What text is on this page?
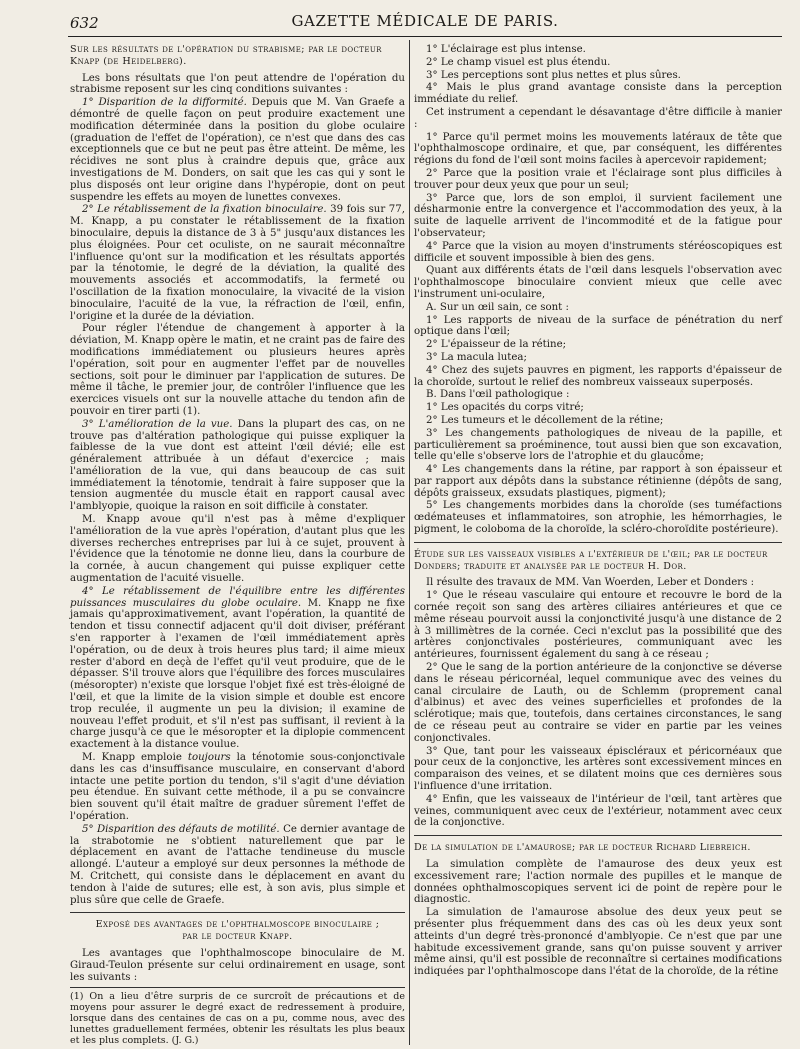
632	GAZETTE MÉDICALE DE PARIS.

Sur les résultats de l'opération du strabisme; par le docteur Knapp (de Heidelberg).

Les bons résultats que l'on peut attendre de l'opération du strabisme reposent sur les cinq conditions suivantes :

1° Disparition de la difformité. Depuis que M. Van Graefe a démontré de quelle façon on peut produire exactement une modification déterminée dans la position du globe oculaire (graduation de l'effet de l'opération), ce n'est que dans des cas exceptionnels que ce but ne peut pas être atteint. De même, les récidives ne sont plus à craindre depuis que, grâce aux investigations de M. Donders, on sait que les cas qui y sont le plus disposés ont leur origine dans l'hypéropie, dont on peut suspendre les effets au moyen de lunettes convexes.

2° Le rétablissement de la fixation binoculaire. 39 fois sur 77, M. Knapp, a pu constater le rétablissement de la fixation binoculaire, depuis la distance de 3 à 5" jusqu'aux distances les plus éloignées. Pour cet oculiste, on ne saurait méconnaître l'influence qu'ont sur la modification et les résultats apportés par la ténotomie, le degré de la déviation, la qualité des mouvements associés et accommodatifs, la fermeté ou l'oscillation de la fixation monoculaire, la vivacité de la vision binoculaire, l'acuité de la vue, la réfraction de l'œil, enfin, l'origine et la durée de la déviation.

Pour régler l'étendue de changement à apporter à la déviation, M. Knapp opère le matin, et ne craint pas de faire des modifications immédiatement ou plusieurs heures après l'opération, soit pour en augmenter l'effet par de nouvelles sections, soit pour le diminuer par l'application de sutures. De même il tâche, le premier jour, de contrôler l'influence que les exercices visuels ont sur la nouvelle attache du tendon afin de pouvoir en tirer parti (1).

3° L'amélioration de la vue. Dans la plupart des cas, on ne trouve pas d'altération pathologique qui puisse expliquer la faiblesse de la vue dont est atteint l'œil dévié; elle est généralement attribuée à un défaut d'exercice ; mais l'amélioration de la vue, qui dans beaucoup de cas suit immédiatement la ténotomie, tendrait à faire supposer que la tension augmentée du muscle était en rapport causal avec l'amblyopie, quoique la raison en soit difficile à constater.

M. Knapp avoue qu'il n'est pas à même d'expliquer l'amélioration de la vue après l'opération, d'autant plus que les diverses recherches entreprises par lui à ce sujet, prouvent à l'évidence que la ténotomie ne donne lieu, dans la courbure de la cornée, à aucun changement qui puisse expliquer cette augmentation de l'acuité visuelle.

4° Le rétablissement de l'équilibre entre les différentes puissances musculaires du globe oculaire. M. Knapp ne fixe jamais qu'approximativement, avant l'opération, la quantité de tendon et tissu connectif adjacent qu'il doit diviser, préférant s'en rapporter à l'examen de l'œil immédiatement après l'opération, ou de deux à trois heures plus tard; il aime mieux rester d'abord en deçà de l'effet qu'il veut produire, que de le dépasser. S'il trouve alors que l'équilibre des forces musculaires (mésoropter) n'existe que lorsque l'objet fixé est très-éloigné de l'œil, et que la limite de la vision simple et double est encore trop reculée, il augmente un peu la division; il examine de nouveau l'effet produit, et s'il n'est pas suffisant, il revient à la charge jusqu'à ce que le mésoropter et la diplopie commencent exactement à la distance voulue.

M. Knapp emploie toujours la ténotomie sous-conjonctivale dans les cas d'insuffisance musculaire, en conservant d'abord intacte une petite portion du tendon, s'il s'agit d'une déviation peu étendue. En suivant cette méthode, il a pu se convaincre bien souvent qu'il était maître de graduer sûrement l'effet de l'opération.

5° Disparition des défauts de motilité. Ce dernier avantage de la strabotomie ne s'obtient naturellement que par le déplacement en avant de l'attache tendineuse du muscle allongé. L'auteur a employé sur deux personnes la méthode de M. Critchett, qui consiste dans le déplacement en avant du tendon à l'aide de sutures; elle est, à son avis, plus simple et plus sûre que celle de Graefe.

Exposé des avantages de l'ophthalmoscope binoculaire ;

par le docteur Knapp.

Les avantages que l'ophthalmoscope binoculaire de M. Giraud-Teulon présente sur celui ordinairement en usage, sont les suivants :

(1) On a lieu d'être surpris de ce surcroît de précautions et de moyens pour assurer le degré exact de redressement à produire, lorsque dans des centaines de cas on a pu, comme nous, avec des lunettes graduellement fermées, obtenir les résultats les plus beaux et les plus complets. (J. G.)

1° L'éclairage est plus intense.

2° Le champ visuel est plus étendu.

3° Les perceptions sont plus nettes et plus sûres.

4° Mais le plus grand avantage consiste dans la perception immédiate du relief.

Cet instrument a cependant le désavantage d'être difficile à manier :

1° Parce qu'il permet moins les mouvements latéraux de tête que l'ophthalmoscope ordinaire, et que, par conséquent, les différentes régions du fond de l'œil sont moins faciles à apercevoir rapidement;

2° Parce que la position vraie et l'éclairage sont plus difficiles à trouver pour deux yeux que pour un seul;

3° Parce que, lors de son emploi, il survient facilement une désharmonie entre la convergence et l'accommodation des yeux, à la suite de laquelle arrivent de l'incommodité et de la fatigue pour l'observateur;

4° Parce que la vision au moyen d'instruments stéréoscopiques est difficile et souvent impossible à bien des gens.

Quant aux différents états de l'œil dans lesquels l'observation avec l'ophthalmoscope binoculaire convient mieux que celle avec l'instrument uni-oculaire,

A. Sur un œil sain, ce sont :

1° Les rapports de niveau de la surface de pénétration du nerf optique dans l'œil;

2° L'épaisseur de la rétine;

3° La macula lutea;

4° Chez des sujets pauvres en pigment, les rapports d'épaisseur de la choroïde, surtout le relief des nombreux vaisseaux superposés.

B. Dans l'œil pathologique :

1° Les opacités du corps vitré;

2° Les tumeurs et le décollement de la rétine;

3° Les changements pathologiques de niveau de la papille, et particulièrement sa proéminence, tout aussi bien que son excavation, telle qu'elle s'observe lors de l'atrophie et du glaucôme;

4° Les changements dans la rétine, par rapport à son épaisseur et par rapport aux dépôts dans la substance rétinienne (dépôts de sang, dépôts graisseux, exsudats plastiques, pigment);

5° Les changements morbides dans la choroïde (ses tuméfactions œdémateuses et inflammatoires, son atrophie, les hémorrhagies, le pigment, le coloboma de la choroïde, la scléro-choroïdite postérieure).

Étude sur les vaisseaux visibles a l'extérieur de l'œil; par le docteur Donders; traduite et analysée par le docteur H. Dor.

Il résulte des travaux de MM. Van Woerden, Leber et Donders :

1° Que le réseau vasculaire qui entoure et recouvre le bord de la cornée reçoit son sang des artères ciliaires antérieures et que ce même réseau pourvoit aussi la conjonctivité jusqu'à une distance de 2 à 3 millimètres de la cornée. Ceci n'exclut pas la possibilité que des artères conjonctivales postérieures, communiquant avec les antérieures, fournissent également du sang à ce réseau ;

2° Que le sang de la portion antérieure de la conjonctive se déverse dans le réseau péricornéal, lequel communique avec des veines du canal circulaire de Lauth, ou de Schlemm (proprement canal d'albinus) et avec des veines superficielles et profondes de la sclérotique; mais que, toutefois, dans certaines circonstances, le sang de ce réseau peut au contraire se vider en partie par les veines conjonctivales.

3° Que, tant pour les vaisseaux épiscléraux et péricornéaux que pour ceux de la conjonctive, les artères sont excessivement minces en comparaison des veines, et se dilatent moins que ces dernières sous l'influence d'une irritation.

4° Enfin, que les vaisseaux de l'intérieur de l'œil, tant artères que veines, communiquent avec ceux de l'extérieur, notamment avec ceux de la conjonctive.

De la simulation de l'amaurose; par le docteur Richard Liebreich.

La simulation complète de l'amaurose des deux yeux est excessivement rare; l'action normale des pupilles et le manque de données ophthalmoscopiques servent ici de point de repère pour le diagnostic.

La simulation de l'amaurose absolue des deux yeux peut se présenter plus fréquemment dans des cas où les deux yeux sont atteints d'un degré très-prononcé d'amblyopie. Ce n'est que par une habitude excessivement grande, sans qu'on puisse souvent y arriver même ainsi, qu'il est possible de reconnaître si certaines modifications indiquées par l'ophthalmoscope dans l'état de la choroïde, de la rétine
